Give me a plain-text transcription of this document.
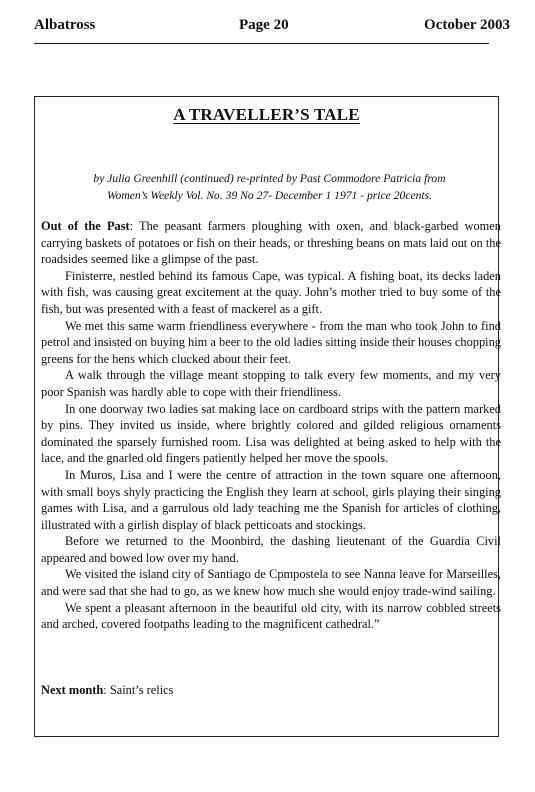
Albatross	Page 20	October 2003
A TRAVELLER’S TALE
by Julia Greenhill (continued) re-printed by Past Commodore Patricia from
Women’s Weekly Vol. No. 39 No 27- December 1 1971 - price 20cents.

Out of the Past: The peasant farmers ploughing with oxen, and black-garbed women carrying baskets of potatoes or fish on their heads, or threshing beans on mats laid out on the roadsides seemed like a glimpse of the past.

Finisterre, nestled behind its famous Cape, was typical. A fishing boat, its decks laden with fish, was causing great excitement at the quay. John’s mother tried to buy some of the fish, but was presented with a feast of mackerel as a gift.

We met this same warm friendliness everywhere - from the man who took John to find petrol and insisted on buying him a beer to the old ladies sitting inside their houses chopping greens for the hens which clucked about their feet.

A walk through the village meant stopping to talk every few moments, and my very poor Spanish was hardly able to cope with their friendliness.

In one doorway two ladies sat making lace on cardboard strips with the pattern marked by pins. They invited us inside, where brightly colored and gilded religious ornaments dominated the sparsely furnished room. Lisa was delighted at being asked to help with the lace, and the gnarled old fingers patiently helped her move the spools.

In Muros, Lisa and I were the centre of attraction in the town square one afternoon, with small boys shyly practicing the English they learn at school, girls playing their singing games with Lisa, and a garrulous old lady teaching me the Spanish for articles of clothing, illustrated with a girlish display of black petticoats and stockings.

Before we returned to the Moonbird, the dashing lieutenant of the Guardia Civil appeared and bowed low over my hand.

We visited the island city of Santiago de Cpmpostela to see Nanna leave for Marseilles, and were sad that she had to go, as we knew how much she would enjoy trade-wind sailing.

We spent a pleasant afternoon in the beautiful old city, with its narrow cobbled streets and arched, covered footpaths leading to the magnificent cathedral.”

Next month: Saint’s relics
